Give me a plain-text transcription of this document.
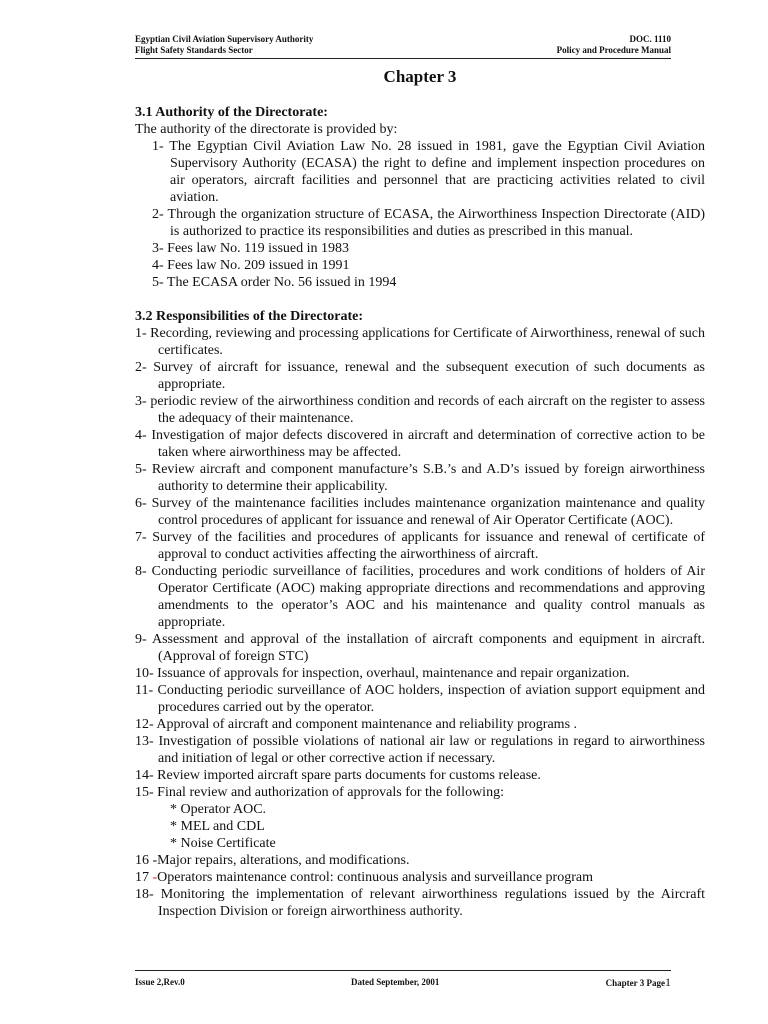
Egyptian Civil Aviation Supervisory Authority	DOC. 1110
Flight Safety Standards Sector	Policy and Procedure Manual
Chapter 3

3.1 Authority of the Directorate:

The authority of the directorate is provided by:

1- The Egyptian Civil Aviation Law No. 28 issued in 1981, gave the Egyptian Civil Aviation Supervisory Authority (ECASA) the right to define and implement inspection procedures on air operators, aircraft facilities and personnel that are practicing activities related to civil aviation.

2- Through the organization structure of ECASA, the Airworthiness Inspection Directorate (AID) is authorized to practice its responsibilities and duties as prescribed in this manual.

3- Fees law No. 119 issued in 1983

4- Fees law No. 209 issued in 1991

5- The ECASA order No. 56 issued in 1994

3.2 Responsibilities of the Directorate:

1- Recording, reviewing and processing applications for Certificate of Airworthiness, renewal of such certificates.

2- Survey of aircraft for issuance, renewal and the subsequent execution of such documents as appropriate.

3- periodic review of the airworthiness condition and records of each aircraft on the register to assess the adequacy of their maintenance.

4- Investigation of major defects discovered in aircraft and determination of corrective action to be taken where airworthiness may be affected.

5- Review aircraft and component manufacture’s S.B.’s and A.D’s issued by foreign airworthiness authority to determine their applicability.

6- Survey of the maintenance facilities includes maintenance organization maintenance and quality control procedures of applicant for issuance and renewal of Air Operator Certificate (AOC).

7- Survey of the facilities and procedures of applicants for issuance and renewal of certificate of approval to conduct activities affecting the airworthiness of aircraft.

8- Conducting periodic surveillance of facilities, procedures and work conditions of holders of Air Operator Certificate (AOC) making appropriate directions and recommendations and approving amendments to the operator’s AOC and his maintenance and quality control manuals as appropriate.

9- Assessment and approval of the installation of aircraft components and equipment in aircraft. (Approval of foreign STC)

10- Issuance of approvals for inspection, overhaul, maintenance and repair organization.

11- Conducting periodic surveillance of AOC holders, inspection of aviation support equipment and procedures carried out by the operator.

12- Approval of aircraft and component maintenance and reliability programs .

13- Investigation of possible violations of national air law or regulations in regard to airworthiness and initiation of legal or other corrective action if necessary.

14- Review imported aircraft spare parts documents for customs release.

15- Final review and authorization of approvals for the following:

* Operator AOC.

* MEL and CDL

* Noise Certificate

16 -Major repairs, alterations, and modifications.

17 -Operators maintenance control: continuous analysis and surveillance program

18- Monitoring the implementation of relevant airworthiness regulations issued by the Aircraft Inspection Division or foreign airworthiness authority.

Issue 2,Rev.0	Dated September, 2001	Chapter 3 Page1
